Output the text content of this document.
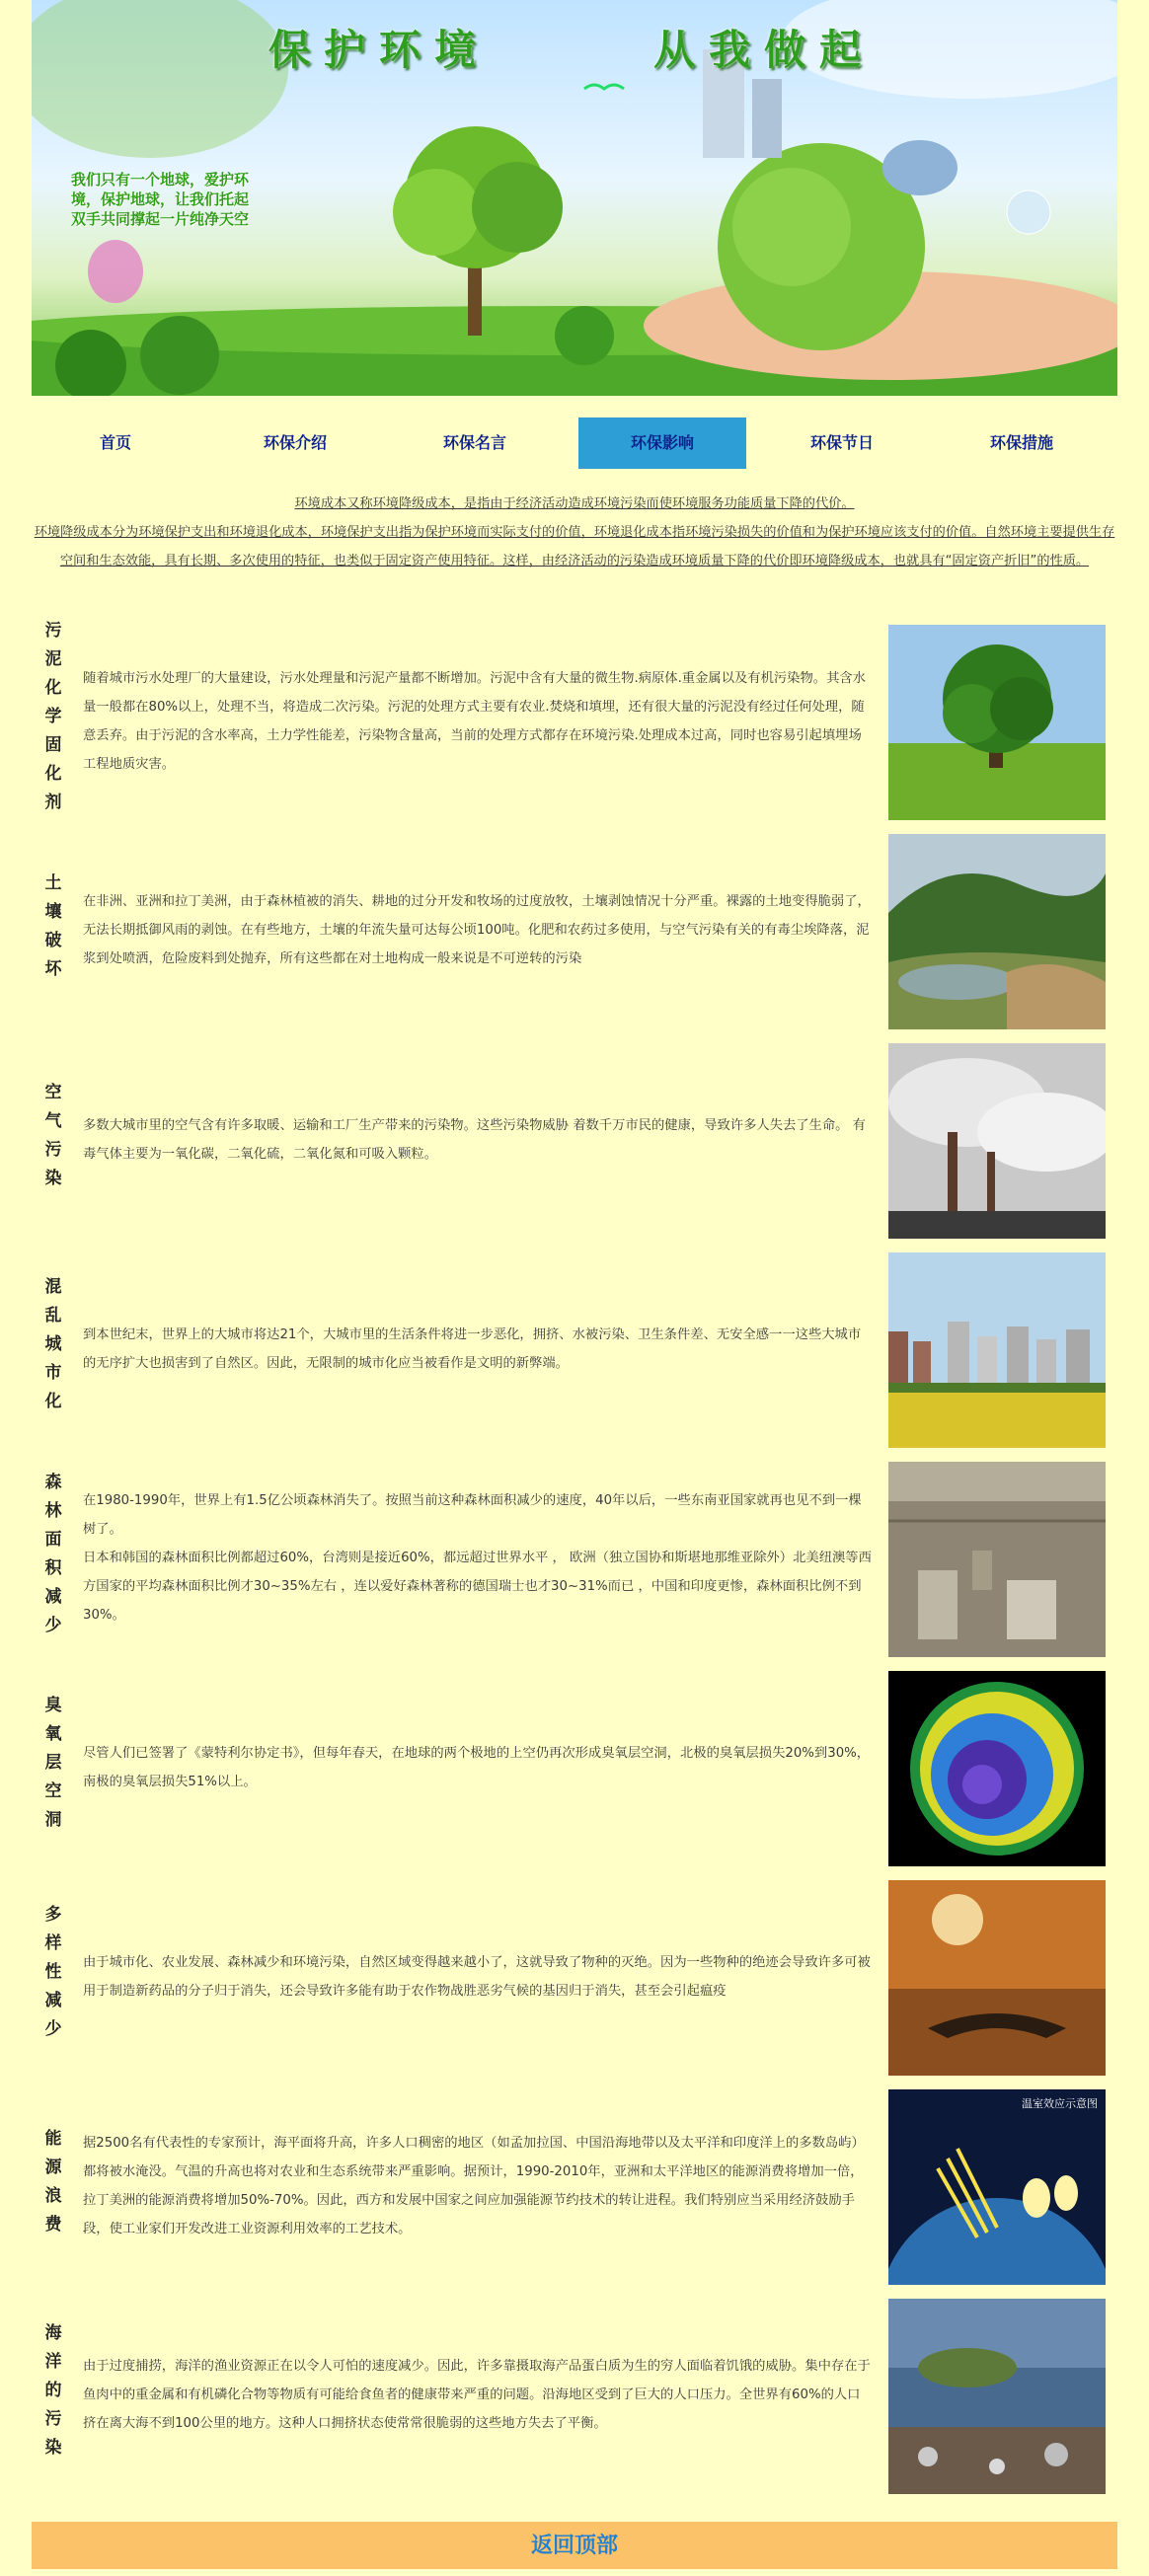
保护环境	从我做起
我们只有一个地球，爱护环境，保护地球，让我们托起双手共同撑起一片纯净天空
首页	环保介绍	环保名言	环保影响	环保节日	环保措施
环境成本又称环境降级成本，是指由于经济活动造成环境污染而使环境服务功能质量下降的代价。
环境降级成本分为环境保护支出和环境退化成本，环境保护支出指为保护环境而实际支付的价值，环境退化成本指环境污染损失的价值和为保护环境应该支付的价值。自然环境主要提供生存空间和生态效能，具有长期、多次使用的特征，也类似于固定资产使用特征。这样，由经济活动的污染造成环境质量下降的代价即环境降级成本，也就具有“固定资产折旧”的性质。
污泥化学固化剂	随着城市污水处理厂的大量建设，污水处理量和污泥产量都不断增加。污泥中含有大量的微生物.病原体.重金属以及有机污染物。其含水量一般都在80%以上，处理不当，将造成二次污染。污泥的处理方式主要有农业.焚烧和填埋，还有很大量的污泥没有经过任何处理，随意丢弃。由于污泥的含水率高，土力学性能差，污染物含量高，当前的处理方式都存在环境污染.处理成本过高，同时也容易引起填埋场工程地质灾害。

土壤破坏	在非洲、亚洲和拉丁美洲，由于森林植被的消失、耕地的过分开发和牧场的过度放牧，土壤剥蚀情况十分严重。裸露的土地变得脆弱了，无法长期抵御风雨的剥蚀。在有些地方，土壤的年流失量可达每公顷100吨。化肥和农药过多使用，与空气污染有关的有毒尘埃降落，泥浆到处喷洒，危险废料到处抛弃，所有这些都在对土地构成一般来说是不可逆转的污染

空气污染	多数大城市里的空气含有许多取暖、运输和工厂生产带来的污染物。这些污染物威胁 着数千万市民的健康，导致许多人失去了生命。 有毒气体主要为一氧化碳，二氧化硫，二氧化氮和可吸入颗粒。

混乱城市化	到本世纪末，世界上的大城市将达21个，大城市里的生活条件将进一步恶化，拥挤、水被污染、卫生条件差、无安全感一一这些大城市的无序扩大也损害到了自然区。因此，无限制的城市化应当被看作是文明的新弊端。

森林面积减少	在1980-1990年，世界上有1.5亿公顷森林消失了。按照当前这种森林面积减少的速度，40年以后，一些东南亚国家就再也见不到一棵树了。
日本和韩国的森林面积比例都超过60%，台湾则是接近60%，都远超过世界水平 ， 欧洲（独立国协和斯堪地那维亚除外）北美纽澳等西方国家的平均森林面积比例才30~35%左右 ，连以爱好森林著称的德国瑞士也才30~31%而已 ，中国和印度更惨，森林面积比例不到30%。

臭氧层空洞	尽管人们已签署了《蒙特利尔协定书》，但每年春天，在地球的两个极地的上空仍再次形成臭氧层空洞，北极的臭氧层损失20%到30%，南极的臭氧层损失51%以上。

多样性减少	由于城市化、农业发展、森林减少和环境污染，自然区域变得越来越小了，这就导致了物种的灭绝。因为一些物种的绝迹会导致许多可被用于制造新药品的分子归于消失，还会导致许多能有助于农作物战胜恶劣气候的基因归于消失，甚至会引起瘟疫

能源浪费	据2500名有代表性的专家预计，海平面将升高，许多人口稠密的地区（如孟加拉国、中国沿海地带以及太平洋和印度洋上的多数岛屿）都将被水淹没。气温的升高也将对农业和生态系统带来严重影响。据预计，1990-2010年，亚洲和太平洋地区的能源消费将增加一倍，拉丁美洲的能源消费将增加50%-70%。因此，西方和发展中国家之间应加强能源节约技术的转让进程。我们特别应当采用经济鼓励手段，使工业家们开发改进工业资源利用效率的工艺技术。

温室效应示意图
海洋的污染	由于过度捕捞，海洋的渔业资源正在以令人可怕的速度减少。因此，许多靠摄取海产品蛋白质为生的穷人面临着饥饿的威胁。集中存在于鱼肉中的重金属和有机磷化合物等物质有可能给食鱼者的健康带来严重的问题。沿海地区受到了巨大的人口压力。全世界有60%的人口挤在离大海不到100公里的地方。这种人口拥挤状态使常常很脆弱的这些地方失去了平衡。

返回顶部
